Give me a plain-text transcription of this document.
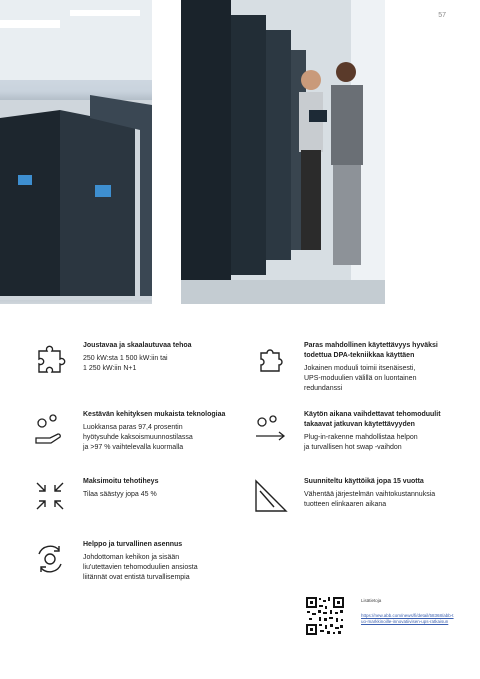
57
Joustavaa ja skaalautuvaa tehoa
250 kW:sta 1 500 kW:iin tai
1 250 kW:iin N+1
Paras mahdollinen käytettävyys hyväksi todettua DPA-tekniikkaa käyttäen
Jokainen moduuli toimii itsenäisesti,
UPS-moduulien välillä on luontainen
redundanssi
Kestävän kehityksen mukaista teknologiaa
Luokkansa paras 97,4 prosentin
hyötysuhde kaksoismuunnostilassa
ja >97 % vaihtelevalla kuormalla
Käytön aikana vaihdettavat tehomoduulit takaavat jatkuvan käytettävyyden
Plug-in-rakenne mahdollistaa helpon
ja turvallisen hot swap -vaihdon
Maksimoitu tehotiheys
Tilaa säästyy jopa 45 %
Suunniteltu käyttöikä jopa 15 vuotta
Vähentää järjestelmän vaihtokustannuksia
tuotteen elinkaaren aikana
Helppo ja turvallinen asennus
Johdottoman kehikon ja sisään
liu'utettavien tehomoduulien ansiosta
liitännät ovat entistä turvallisempia
Lisätietoja
https://new.abb.com/news/fi/detail/58368/abb-tuo-markkinoille-innovatiivisen-ups-ratkaisun
